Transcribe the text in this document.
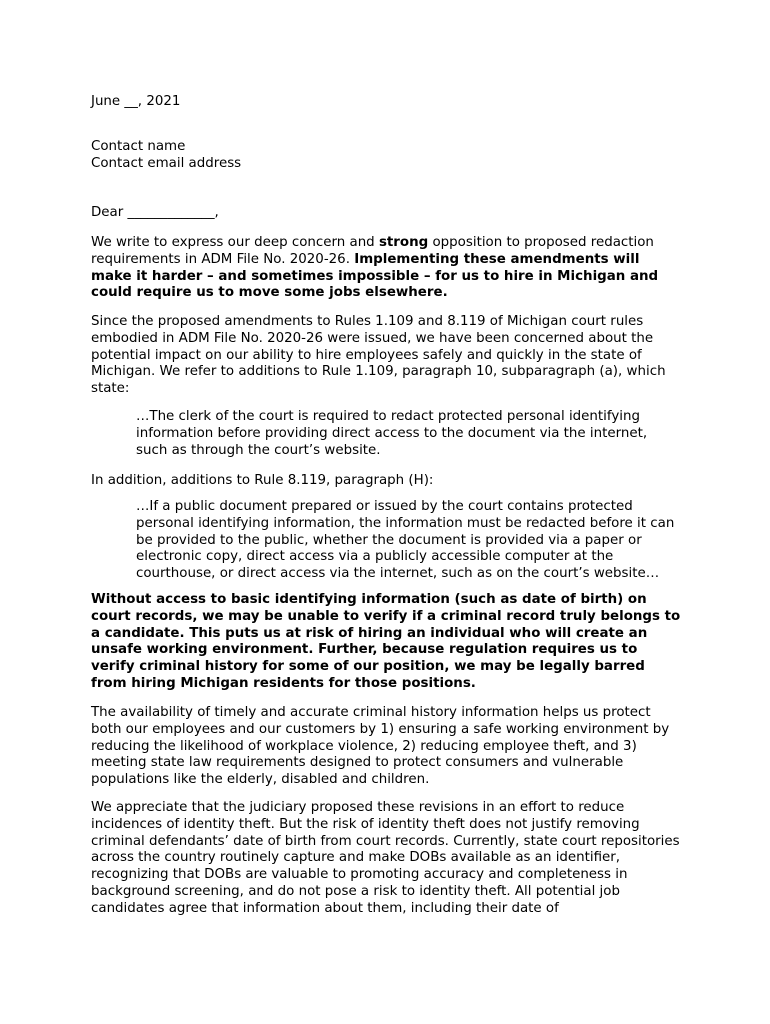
June __, 2021

Contact name

Contact email address

Dear _____________,

We write to express our deep concern and strong opposition to proposed redaction requirements in ADM File No. 2020-26. Implementing these amendments will make it harder – and sometimes impossible – for us to hire in Michigan and could require us to move some jobs elsewhere.

Since the proposed amendments to Rules 1.109 and 8.119 of Michigan court rules embodied in ADM File No. 2020-26 were issued, we have been concerned about the potential impact on our ability to hire employees safely and quickly in the state of Michigan. We refer to additions to Rule 1.109, paragraph 10, subparagraph (a), which state:

…The clerk of the court is required to redact protected personal identifying information before providing direct access to the document via the internet, such as through the court’s website.

In addition, additions to Rule 8.119, paragraph (H):

…If a public document prepared or issued by the court contains protected personal identifying information, the information must be redacted before it can be provided to the public, whether the document is provided via a paper or electronic copy, direct access via a publicly accessible computer at the courthouse, or direct access via the internet, such as on the court’s website…

Without access to basic identifying information (such as date of birth) on court records, we may be unable to verify if a criminal record truly belongs to a candidate. This puts us at risk of hiring an individual who will create an unsafe working environment. Further, because regulation requires us to verify criminal history for some of our position, we may be legally barred from hiring Michigan residents for those positions.

The availability of timely and accurate criminal history information helps us protect both our employees and our customers by 1) ensuring a safe working environment by reducing the likelihood of workplace violence, 2) reducing employee theft, and 3) meeting state law requirements designed to protect consumers and vulnerable populations like the elderly, disabled and children.

We appreciate that the judiciary proposed these revisions in an effort to reduce incidences of identity theft. But the risk of identity theft does not justify removing criminal defendants’ date of birth from court records. Currently, state court repositories across the country routinely capture and make DOBs available as an identifier, recognizing that DOBs are valuable to promoting accuracy and completeness in background screening, and do not pose a risk to identity theft. All potential job candidates agree that information about them, including their date of
